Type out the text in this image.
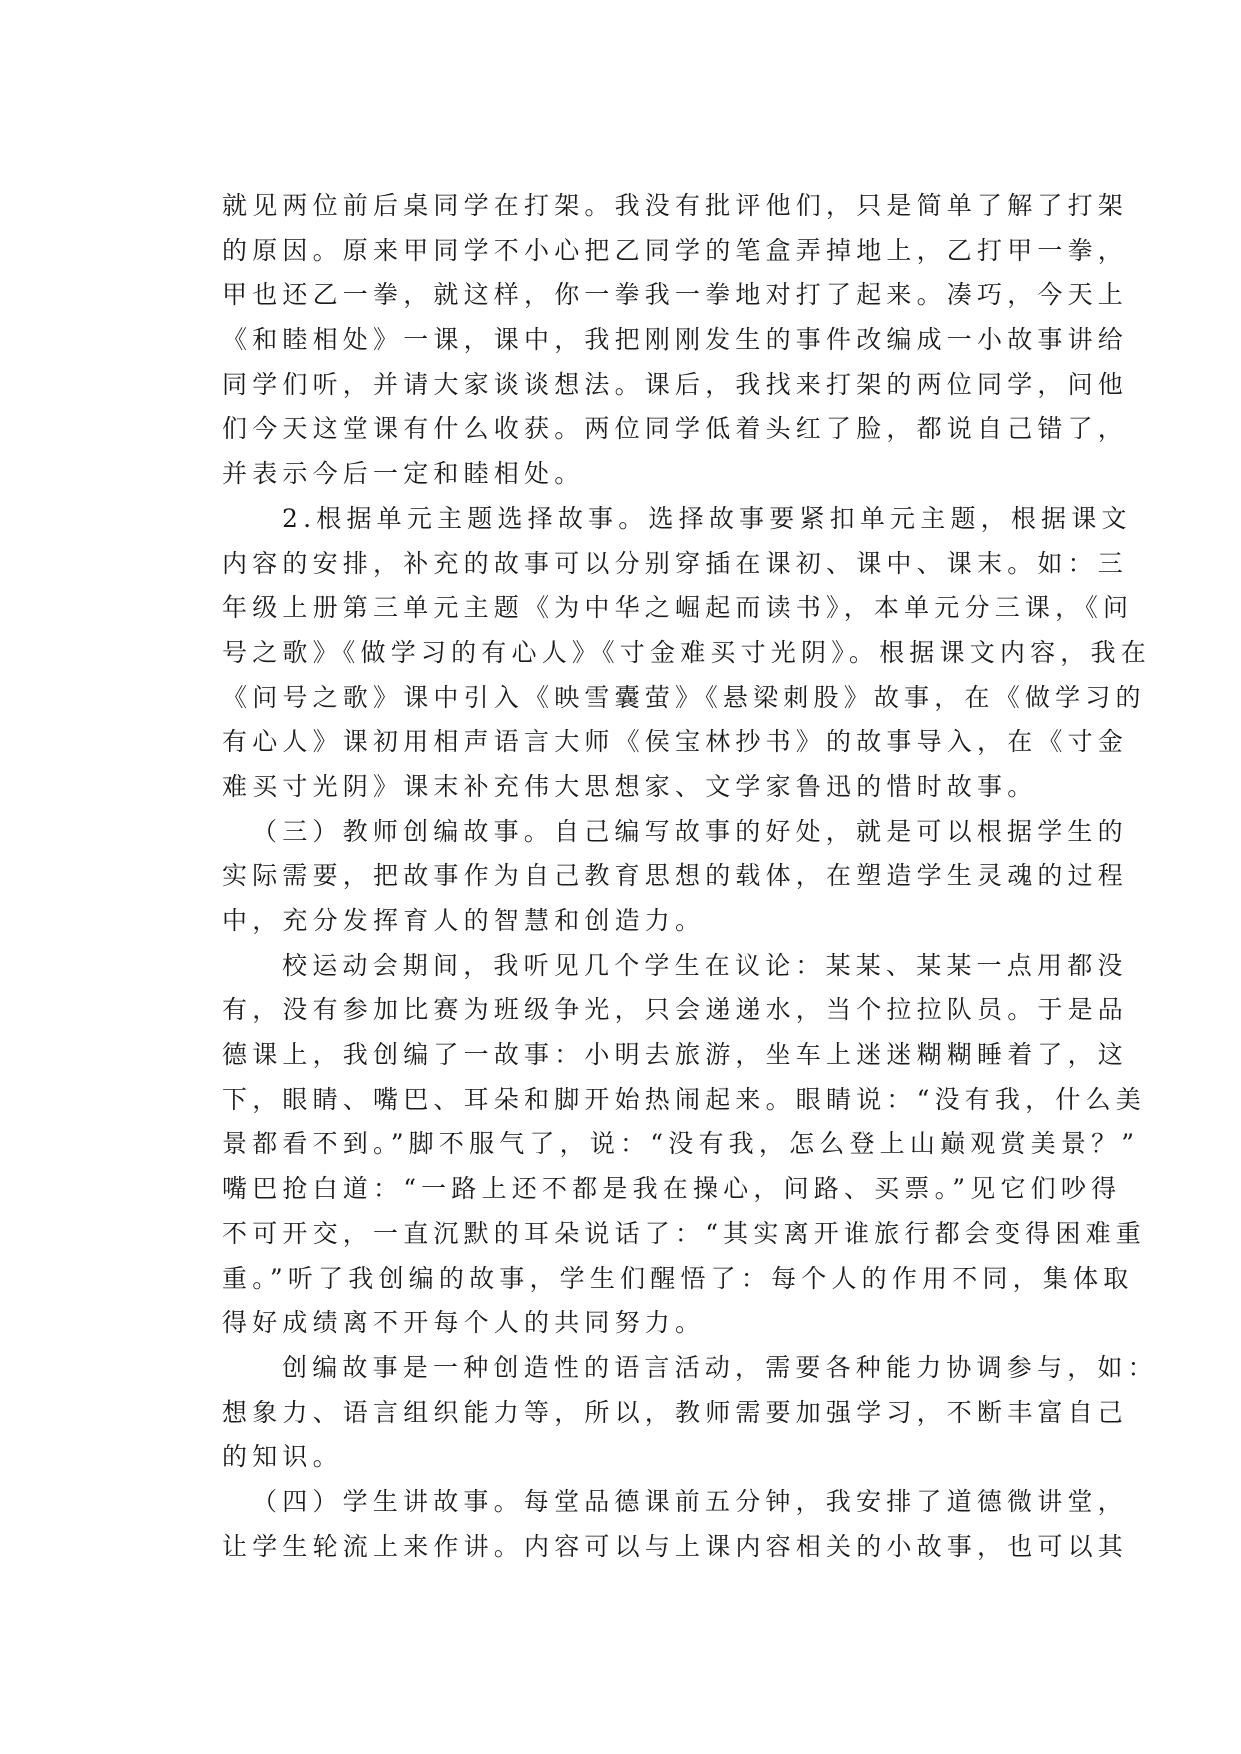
就见两位前后桌同学在打架。我没有批评他们，只是简单了解了打架
的原因。原来甲同学不小心把乙同学的笔盒弄掉地上，乙打甲一拳，
甲也还乙一拳，就这样，你一拳我一拳地对打了起来。凑巧，今天上
《和睦相处》一课，课中，我把刚刚发生的事件改编成一小故事讲给
同学们听，并请大家谈谈想法。课后，我找来打架的两位同学，问他
们今天这堂课有什么收获。两位同学低着头红了脸，都说自己错了，
并表示今后一定和睦相处。
2.根据单元主题选择故事。选择故事要紧扣单元主题，根据课文
内容的安排，补充的故事可以分别穿插在课初、课中、课末。如：三
年级上册第三单元主题《为中华之崛起而读书》，本单元分三课，《问
号之歌》《做学习的有心人》《寸金难买寸光阴》。根据课文内容，我在
《问号之歌》课中引入《映雪囊萤》《悬梁刺股》故事，在《做学习的
有心人》课初用相声语言大师《侯宝林抄书》的故事导入，在《寸金
难买寸光阴》课末补充伟大思想家、文学家鲁迅的惜时故事。
（三）教师创编故事。自己编写故事的好处，就是可以根据学生的
实际需要，把故事作为自己教育思想的载体，在塑造学生灵魂的过程
中，充分发挥育人的智慧和创造力。
校运动会期间，我听见几个学生在议论：某某、某某一点用都没
有，没有参加比赛为班级争光，只会递递水，当个拉拉队员。于是品
德课上，我创编了一故事：小明去旅游，坐车上迷迷糊糊睡着了，这
下，眼睛、嘴巴、耳朵和脚开始热闹起来。眼睛说：“没有我，什么美
景都看不到。”脚不服气了，说：“没有我，怎么登上山巅观赏美景？”
嘴巴抢白道：“一路上还不都是我在操心，问路、买票。”见它们吵得
不可开交，一直沉默的耳朵说话了：“其实离开谁旅行都会变得困难重
重。”听了我创编的故事，学生们醒悟了：每个人的作用不同，集体取
得好成绩离不开每个人的共同努力。
创编故事是一种创造性的语言活动，需要各种能力协调参与，如：
想象力、语言组织能力等，所以，教师需要加强学习，不断丰富自己
的知识。
（四）学生讲故事。每堂品德课前五分钟，我安排了道德微讲堂，
让学生轮流上来作讲。内容可以与上课内容相关的小故事，也可以其
